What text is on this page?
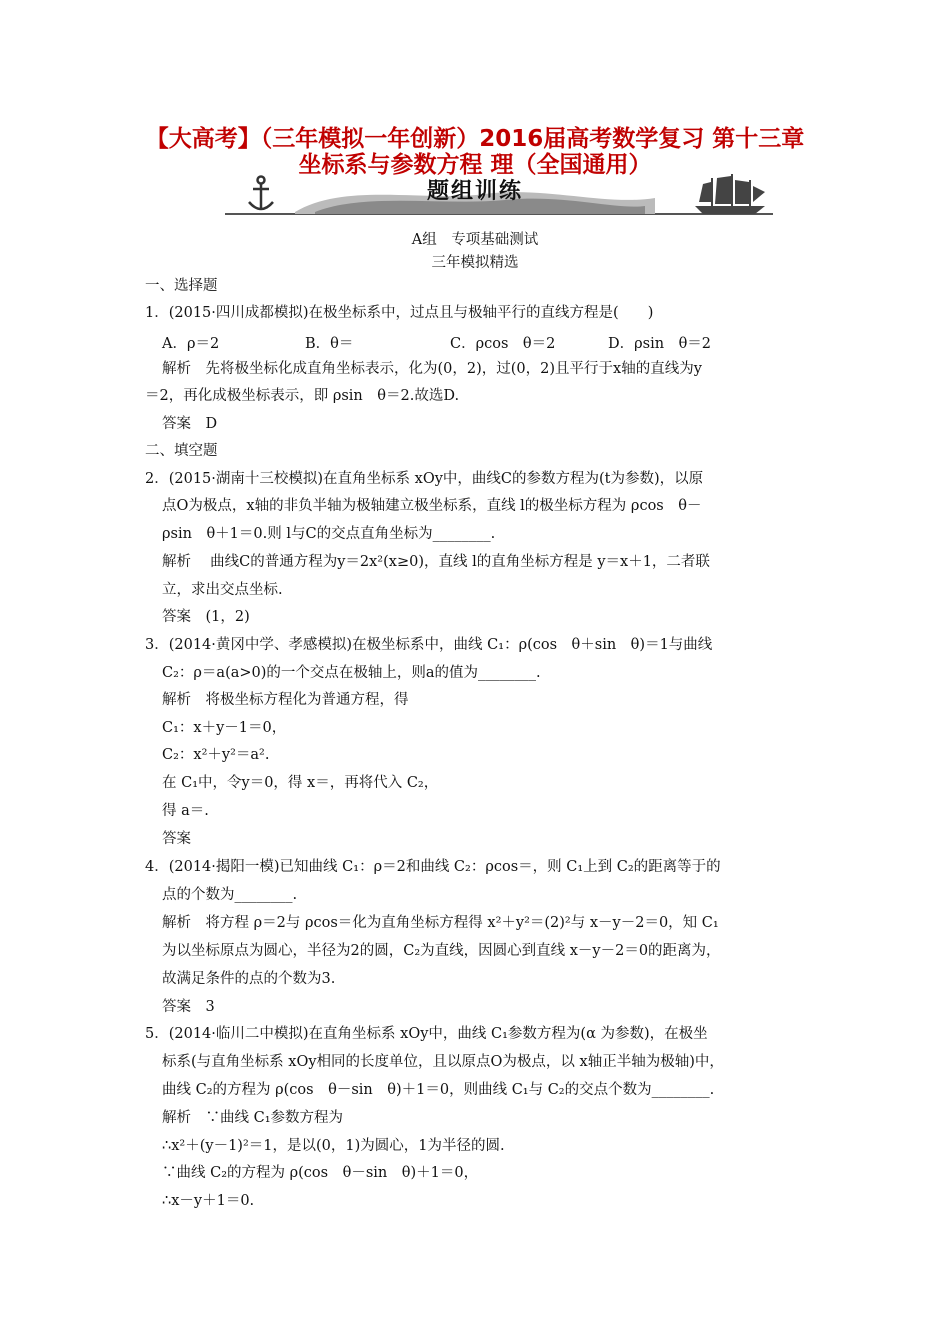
【大高考】（三年模拟一年创新）2016届高考数学复习 第十三章
坐标系与参数方程 理（全国通用）
题组训练
A组　专项基础测试
三年模拟精选
一、选择题
1．(2015·四川成都模拟)在极坐标系中，过点且与极轴平行的直线方程是(　　)
A．ρ＝2	B．θ＝	C．ρcos　θ＝2	D．ρsin　θ＝2
解析　先将极坐标化成直角坐标表示，化为(0，2)，过(0，2)且平行于x轴的直线为y
＝2，再化成极坐标表示，即 ρsin　θ＝2.故选D.
答案　D
二、填空题
2．(2015·湖南十三校模拟)在直角坐标系 xOy中，曲线C的参数方程为(t为参数)，以原
点O为极点，x轴的非负半轴为极轴建立极坐标系，直线 l的极坐标方程为 ρcos　θ－
ρsin　θ＋1＝0.则 l与C的交点直角坐标为________.
解析　 曲线C的普通方程为y＝2x²(x≥0)，直线 l的直角坐标方程是 y＝x＋1，二者联
立，求出交点坐标.
答案　(1，2)
3．(2014·黄冈中学、孝感模拟)在极坐标系中，曲线 C₁：ρ(cos　θ＋sin　θ)＝1与曲线
C₂：ρ＝a(a>0)的一个交点在极轴上，则a的值为________.
解析　将极坐标方程化为普通方程，得
C₁：x＋y－1＝0，
C₂：x²＋y²＝a².
在 C₁中，令y＝0，得 x＝，再将代入 C₂，
得 a＝.
答案
4．(2014·揭阳一模)已知曲线 C₁：ρ＝2和曲线 C₂：ρcos＝，则 C₁上到 C₂的距离等于的
点的个数为________.
解析　将方程 ρ＝2与 ρcos＝化为直角坐标方程得 x²＋y²＝(2)²与 x－y－2＝0，知 C₁
为以坐标原点为圆心，半径为2的圆，C₂为直线，因圆心到直线 x－y－2＝0的距离为，
故满足条件的点的个数为3.
答案　3
5．(2014·临川二中模拟)在直角坐标系 xOy中，曲线 C₁参数方程为(α 为参数)，在极坐
标系(与直角坐标系 xOy相同的长度单位，且以原点O为极点，以 x轴正半轴为极轴)中，
曲线 C₂的方程为 ρ(cos　θ－sin　θ)＋1＝0，则曲线 C₁与 C₂的交点个数为________.
解析　∵曲线 C₁参数方程为
∴x²＋(y－1)²＝1，是以(0，1)为圆心，1为半径的圆.
∵曲线 C₂的方程为 ρ(cos　θ－sin　θ)＋1＝0，
∴x－y＋1＝0.
